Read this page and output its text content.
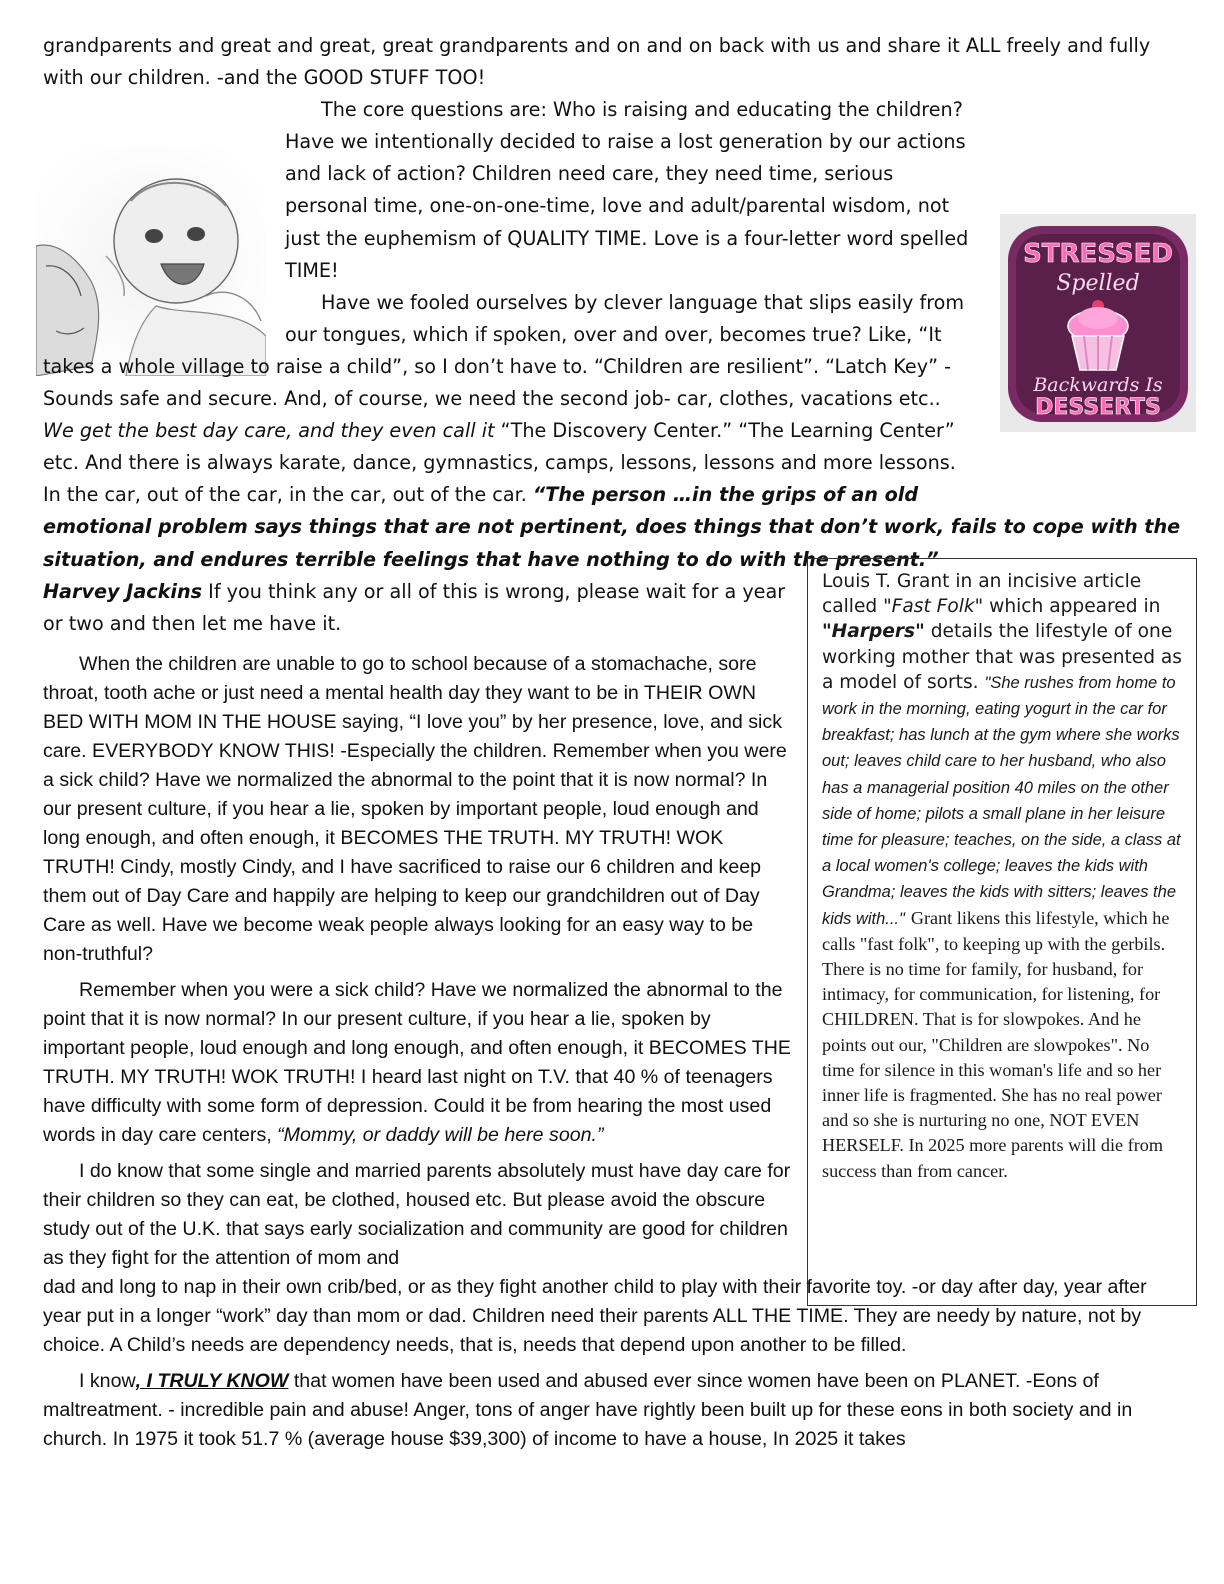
STRESSED
Spelled
Backwards Is
DESSERTS

grandparents and great and great, great grandparents and on and on back with us and share it ALL freely and fully with our children. -and the GOOD STUFF TOO!

The core questions are: Who is raising and educating the children? Have we intentionally decided to raise a lost generation by our actions and lack of action? Children need care, they need time, serious personal time, one-on-one-time, love and adult/parental wisdom, not just the euphemism of QUALITY TIME. Love is a four-letter word spelled TIME!

Have we fooled ourselves by clever language that slips easily from our tongues, which if spoken, over and over, becomes true? Like, “It takes a whole village to raise a child”, so I don’t have to. “Children are resilient”. “Latch Key” -Sounds safe and secure. And, of course, we need the second job- car, clothes, vacations etc..  We get the best day care, and they even call it “The Discovery Center.” “The Learning Center” etc. And there is always karate, dance, gymnastics, camps, lessons, lessons and more lessons. In the car, out of the car, in the car, out of the car. “The person …in the grips of an old emotional problem says things that are not pertinent, does things that don’t work, fails to cope with the situation, and endures terrible feelings that have nothing to do with the present.”

Harvey Jackins If you think any or all of this is wrong, please wait for a year or two and then let me have it.

Louis T. Grant in an incisive article called "Fast Folk" which appeared in "Harpers" details the lifestyle of one working mother that was presented as a model of sorts. "She rushes from home to work in the morning, eating yogurt in the car for breakfast; has lunch at the gym where she works out; leaves child care to her husband, who also has a managerial position 40 miles on the other side of home; pilots a small plane in her leisure time for pleasure; teaches, on the side, a class at a local women's college; leaves the kids with Grandma; leaves the kids with sitters; leaves the kids with..." Grant likens this lifestyle, which he calls "fast folk", to keeping up with the gerbils. There is no time for family, for husband, for intimacy, for communication, for listening, for CHILDREN. That is for slowpokes. And he points out our, "Children are slowpokes". No time for silence in this woman's life and so her inner life is fragmented. She has no real power and so she is nurturing no one, NOT EVEN HERSELF. In 2025 more parents will die from success than from cancer.

When the children are unable to go to school because of a stomachache, sore throat, tooth ache or just need a mental health day they want to be in THEIR OWN BED WITH MOM IN THE HOUSE saying, “I love you” by her presence, love, and sick care. EVERYBODY KNOW THIS! -Especially the children. Remember when you were a sick child? Have we normalized the abnormal to the point that it is now normal? In our present culture, if you hear a lie, spoken by important people, loud enough and long enough, and often enough, it BECOMES THE TRUTH. MY TRUTH! WOK TRUTH! Cindy, mostly Cindy, and I have sacrificed to raise our 6 children and keep them out of Day Care and happily are helping to keep our grandchildren out of Day Care as well. Have we become weak people always looking for an easy way to be non-truthful?

Remember when you were a sick child? Have we normalized the abnormal to the point that it is now normal? In our present culture, if you hear a lie, spoken by important people, loud enough and long enough, and often enough, it BECOMES THE TRUTH. MY TRUTH! WOK TRUTH! I heard last night on T.V. that 40 % of teenagers have difficulty with some form of depression. Could it be from hearing the most used words in day care centers, “Mommy, or daddy will be here soon.”

I do know that some single and married parents absolutely must have day care for their children so they can eat, be clothed, housed etc. But please avoid the obscure study out of the U.K. that says early socialization and community are good for children as they fight for the attention of mom and

dad and long to nap in their own crib/bed, or as they fight another child to play with their favorite toy. -or day after day, year after year put in a longer “work” day than mom or dad. Children need their parents ALL THE TIME. They are needy by nature, not by choice. A Child’s needs are dependency needs, that is, needs that depend upon another to be filled.

I know, I TRULY KNOW that women have been used and abused ever since women have been on PLANET. -Eons of maltreatment. - incredible pain and abuse! Anger, tons of anger have rightly been built up for these eons in both society and in church. In 1975 it took 51.7 % (average house $39,300) of income to have a house, In 2025 it takes
